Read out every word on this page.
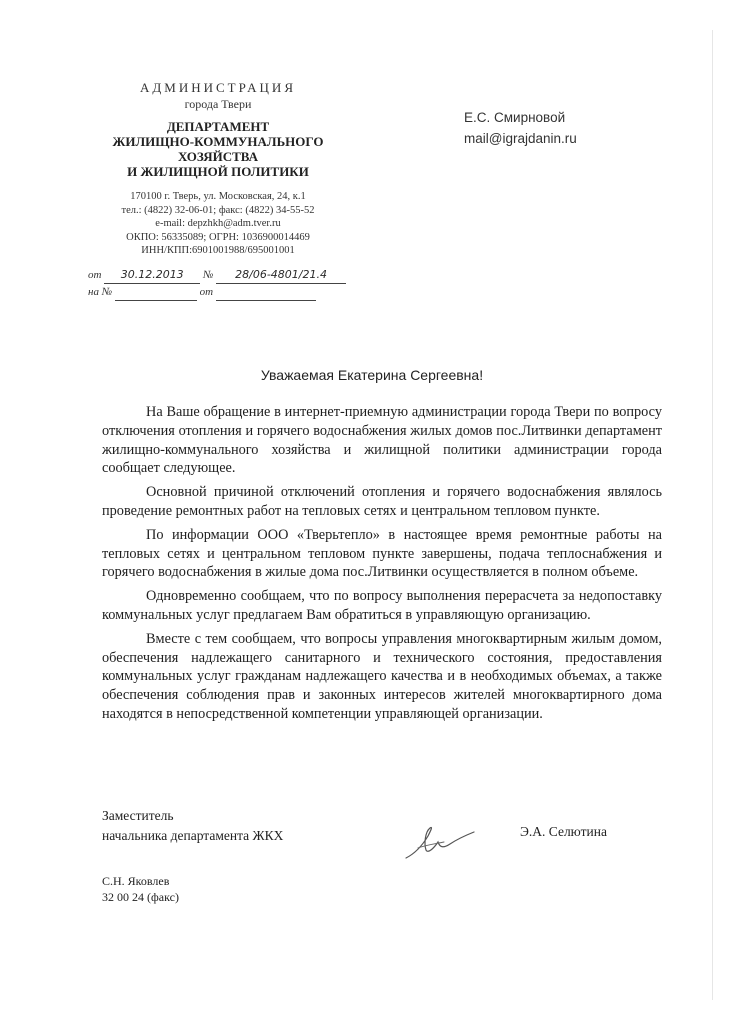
АДМИНИСТРАЦИЯ
города Твери
ДЕПАРТАМЕНТ
ЖИЛИЩНО-КОММУНАЛЬНОГО
ХОЗЯЙСТВА
И ЖИЛИЩНОЙ ПОЛИТИКИ
170100 г. Тверь, ул. Московская, 24, к.1
тел.: (4822) 32-06-01; факс: (4822) 34-55-52
e-mail: depzhkh@adm.tver.ru
ОКПО: 56335089; ОГРН: 1036900014469
ИНН/КПП:6901001988/695001001
от 30.12.2013 № 28/06-4801/21.4
на №	от
Е.С. Смирновой
mail@igrajdanin.ru
Уважаемая Екатерина Сергеевна!

На Ваше обращение в интернет-приемную администрации города Твери по вопросу отключения отопления и горячего водоснабжения жилых домов пос.Литвинки департамент жилищно-коммунального хозяйства и жилищной политики администрации города сообщает следующее.

Основной причиной отключений отопления и горячего водоснабжения являлось проведение ремонтных работ на тепловых сетях и центральном тепловом пункте.

По информации ООО «Тверьтепло» в настоящее время ремонтные работы на тепловых сетях и центральном тепловом пункте завершены, подача теплоснабжения и горячего водоснабжения в жилые дома пос.Литвинки осуществляется в полном объеме.

Одновременно сообщаем, что по вопросу выполнения перерасчета за недопоставку коммунальных услуг предлагаем Вам обратиться в управляющую организацию.

Вместе с тем сообщаем, что вопросы управления многоквартирным жилым домом, обеспечения надлежащего санитарного и технического состояния, предоставления коммунальных услуг гражданам надлежащего качества и в необходимых объемах, а также обеспечения соблюдения прав и законных интересов жителей многоквартирного дома находятся в непосредственной компетенции управляющей организации.

Заместитель
начальника департамента ЖКХ	Э.А. Селютина
С.Н. Яковлев
32 00 24 (факс)
